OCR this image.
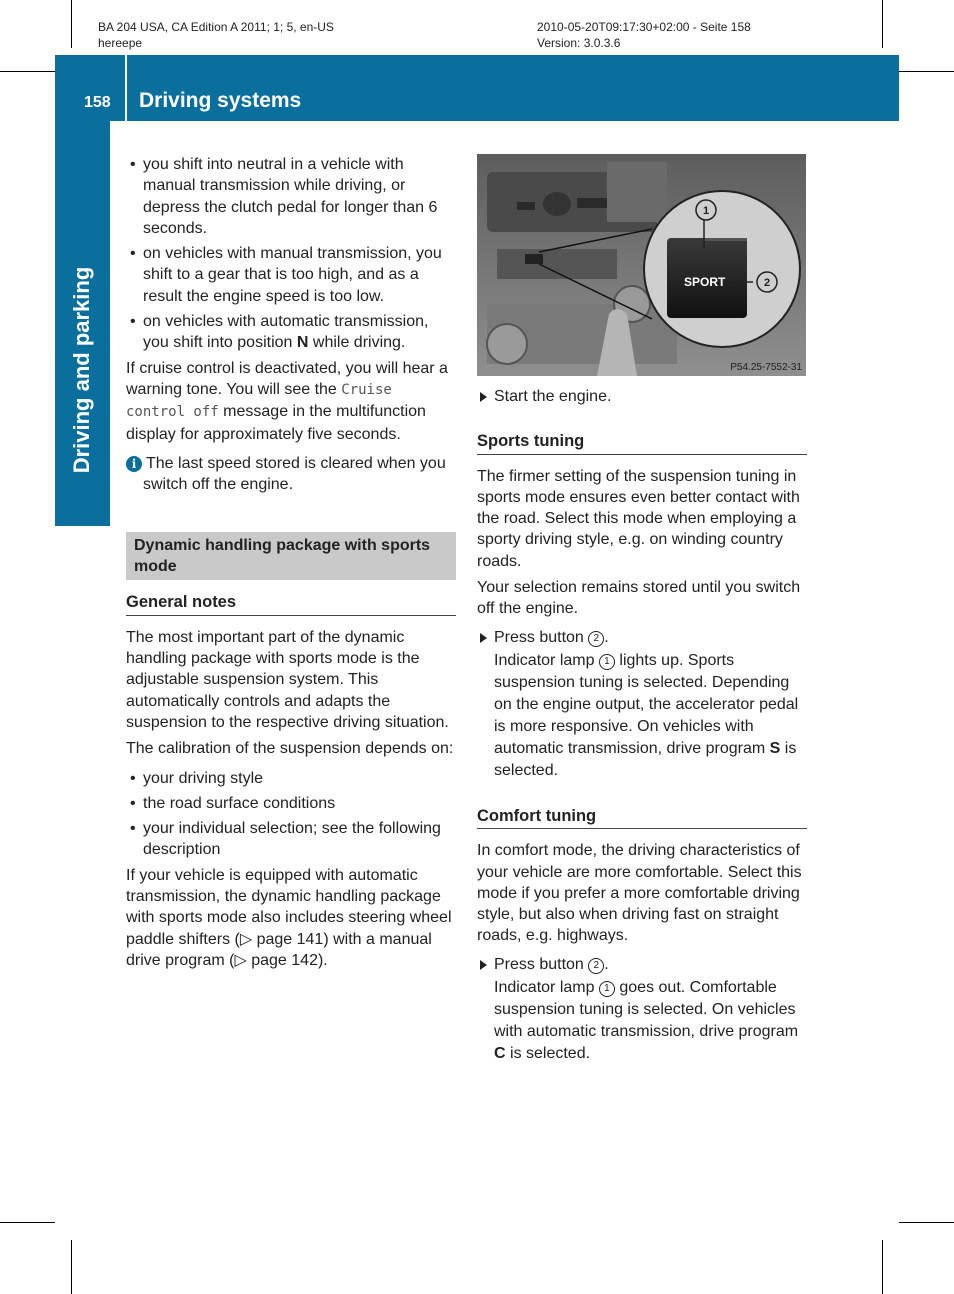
BA 204 USA, CA Edition A 2011; 1; 5, en-US
hereepe
2010-05-20T09:17:30+02:00 - Seite 158
Version: 3.0.3.6
158 Driving systems
Driving and parking
• you shift into neutral in a vehicle with manual transmission while driving, or depress the clutch pedal for longer than 6 seconds.
• on vehicles with manual transmission, you shift to a gear that is too high, and as a result the engine speed is too low.
• on vehicles with automatic transmission, you shift into position N while driving.

If cruise control is deactivated, you will hear a warning tone. You will see the Cruise control off message in the multifunction display for approximately five seconds.

i The last speed stored is cleared when you switch off the engine.

Dynamic handling package with sports mode
General notes

The most important part of the dynamic handling package with sports mode is the adjustable suspension system. This automatically controls and adapts the suspension to the respective driving situation.

The calibration of the suspension depends on:

• your driving style
• the road surface conditions
• your individual selection; see the following description

If your vehicle is equipped with automatic transmission, the dynamic handling package with sports mode also includes steering wheel paddle shifters (▷ page 141) with a manual drive program (▷ page 142).

SPORT
1
2
P54.25-7552-31
Start the engine.
Sports tuning

The firmer setting of the suspension tuning in sports mode ensures even better contact with the road. Select this mode when employing a sporty driving style, e.g. on winding country roads.

Your selection remains stored until you switch off the engine.

Press button 2 .
Indicator lamp 1 lights up. Sports suspension tuning is selected. Depending on the engine output, the accelerator pedal is more responsive. On vehicles with automatic transmission, drive program S is selected.
Comfort tuning

In comfort mode, the driving characteristics of your vehicle are more comfortable. Select this mode if you prefer a more comfortable driving style, but also when driving fast on straight roads, e.g. highways.

Press button 2 .
Indicator lamp 1 goes out. Comfortable suspension tuning is selected. On vehicles with automatic transmission, drive program C is selected.
